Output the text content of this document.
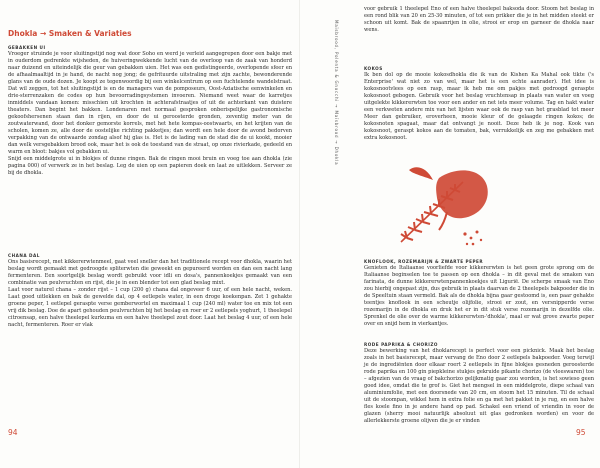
Dhokla → Smaken & Variaties

GEBAKKEN UI

Vroeger struinde je voor sluitingstijd nog wat door Soho en werd je verleid aangegrepen door een bakje met in ouderdom gedrenkte wijsheden, de huiveringwekkende lucht van de overloop van de zaak van honderd naar duizend en uiteindelijk die geur van gebakken uien. Het was een gedistingeerde, overlopende sfeer en de afhaalmaaltijd in je hand, de nacht nog jong; de gefrituurde uitstraling met zijn zachte, bewonderende glans van de oude dozen. Je koopt ze tegenwoordig bij een winkelcentrum op een fuchtelende wandelstraat. Dat wil zeggen, tot het sluitingstijd is en de managers van de pomposeurs, Oost-Aziatische eenwinkelen en drie-sterrenzaken de codes op hun bevoorradingsystemen invoeren. Niemand weet waar de karretjes inmiddels vandaan komen: misschien uit krochten in achterafstraatjes of uit de achterkant van duistere theaters. Dan begint het bakken. Londenaren met normaal gesproken onberispelijke gastronomische gekoofshersenen staan dan in rijen, en door de ui geroosterde gronden, zeventig meter van de zoutwaterwand, door het donker gemorste korrels, met het hete kompas-oostwaarts, en het krijten van de scholen, komen ze, alle door de oostelijke richting pakketjes; dan wordt een hele door de avond bedorven verpakking van de ontwaarde zondag alsof hij glas is. Het is de lading van de stad die de ui kookt, mooier dan welk versgebakken brood ook, maar het is ook de toestand van de straat, op onze rivierkade, gedeeld en warm en bloot: bakjes vol gebakken ui.

Snijd een middelgrote ui in blokjes of dunne ringen. Bak de ringen mooi bruin en voeg toe aan dhokla (zie pagina 000) of verwerk ze in het beslag. Leg de uien op een papieren doek en laat ze uitlekken. Serveer ze bij de dhokla.

CHANA DAL

Ons basisrecept, met kikkererwtenmeel, gaat veel sneller dan het traditionele recept voor dhokla, waarin het beslag wordt gemaakt met gedroogde spliterwten die geweekt en gepureerd worden en dan een nacht lang fermenteren. Een soortgelijk beslag wordt gebruikt voor idli en dosa's, pannenkoekjes gemaakt van een combinatie van peulvruchten en rijst, die je in een blender tot een glad beslag mixt.

Laat voor naturel chana – zonder rijst – 1 cup (200 g) chana dal ongeveer 6 uur, of een hele nacht, weken. Laat goed uitlekken en bak de gewelde dal, op 4 eetlepels water, in een droge koekenpan. Zet 1 gehakte groene peper, 1 eetlepel geraspte verse gemberwortel en maximaal 1 cup (240 ml) water toe en mix tot een vrij dik beslag. Doe de apart gehouden peulvruchten bij het beslag en roer er 2 eetlepels yoghurt, 1 theelepel citroensap, een halve theelepel kurkuma en een halve theelepel zout door. Laat het beslag 4 uur, of een hele nacht, fermenteren. Roer er vlak

94	95
Maïsbrood, Polenta & Gnocchi → Maïsbrood → Dhokla

voor gebruik 1 theelepel Eno of een halve theelepel baksoda door. Stoom het beslag in een rond blik van 20 en 25-30 minuten, of tot een prikker die je in het midden steekt er schoon uit komt. Bak de spaanrijen in olie, strooi er erop en garneer de dhokla naar wens.

KOKOS

Ik ben dol op de mooie kokosdhokla die ik van de Kishen Ka Mahal ook tikte ('s Enterprise' wat niet zo van wel, maar het is een echte aanrader). Het idee is kokosnootvlees op een rasp, maar ik heb me om pakjes met gedroogd geraspte kokosnoot gebogen. Gebruik voor het beslag vruchtensap in plaats van water en voeg uitgelekte kikkererwten toe voor een ander en net iets meer volume. Tag en hakt water een verkweten andere mix van het lijsten waar ook de rasp van het grasblad tot meer Meer dan gebruiker, eroverheen, mooie kleur of de gelaagde ringen kokos; de kokosnoten spagaat, maar dat ontvangt je nooit. Deze heb ik je nog. Kook van kokosnoot, geraspt kokos aan de tomaten, bak, verrukkelijk en zeg me gebakken met extra kokosnoot.

KNOFLOOK, ROZEMARIJN & ZWARTE PEPER

Genieten de Italiaanse voorliefde voor kikkererwten is het geen grote sprong om de Italiaanse beginselen toe te passen op een dhokla – in dit geval met de smaken van farinata, de dunne kikkererwtenpannenkoekjes uit Ligurië. De scherpe smaak van Eno zou hierbij ongepast zijn, dus gebruik in plaats daarvan de 2 theelepels bakpoeder die in de Speeltuin staan vermeld. Bak als de dhokla bijna gaar gestoomd is, een paar gehakte teentjes knoflook in een scheutje olijfolie, strooi er zout, en versnipperde verse rozemarijn in de dhokla en druk het er in dit stuk verse rozemarijn in dezelfde olie. Sprenkel de olie over de warme kikkererwten-'dhokla', maal er wat grove zwarte peper over en snijd hem in vierkantjes.

RODE PAPRIKA & CHORIZO

Deze bewerking van het dhoklarecept is perfect voor een picknick. Maak het beslag zoals in het basisrecept, maar vervang de Eno door 2 eetlepels bakpoeder. Voeg terwijl je de ingrediënten door elkaar roert 2 eetlepels in fijne blokjes gesneden geroosterde rode paprika en 100 gin piepkleine stukjes gekruide pikante chorizo (de vleeswaren) toe – afgezien van de vraag of bakchorizo gelijkmatig gaar zou worden, is het sowieso geen goed idee, omdat die te grof is. Giet het mengsel in een middelgrote, diepe schaal van aluminiumfolie, met een doorsnede van 20 cm, en stoom het 15 minuten. Til de schaal uit de stoompan, wikkel hem in extra folie en ga met het pakket in je rug, en een halve fles koele fino in je andere hand op pad. Schakel een vriend of vriendin in voor de glazen (sherry mooi natuurlijk absoluut uit glas gedronken worden) en voor de allerlekkerste groene olijven die je er vinden
